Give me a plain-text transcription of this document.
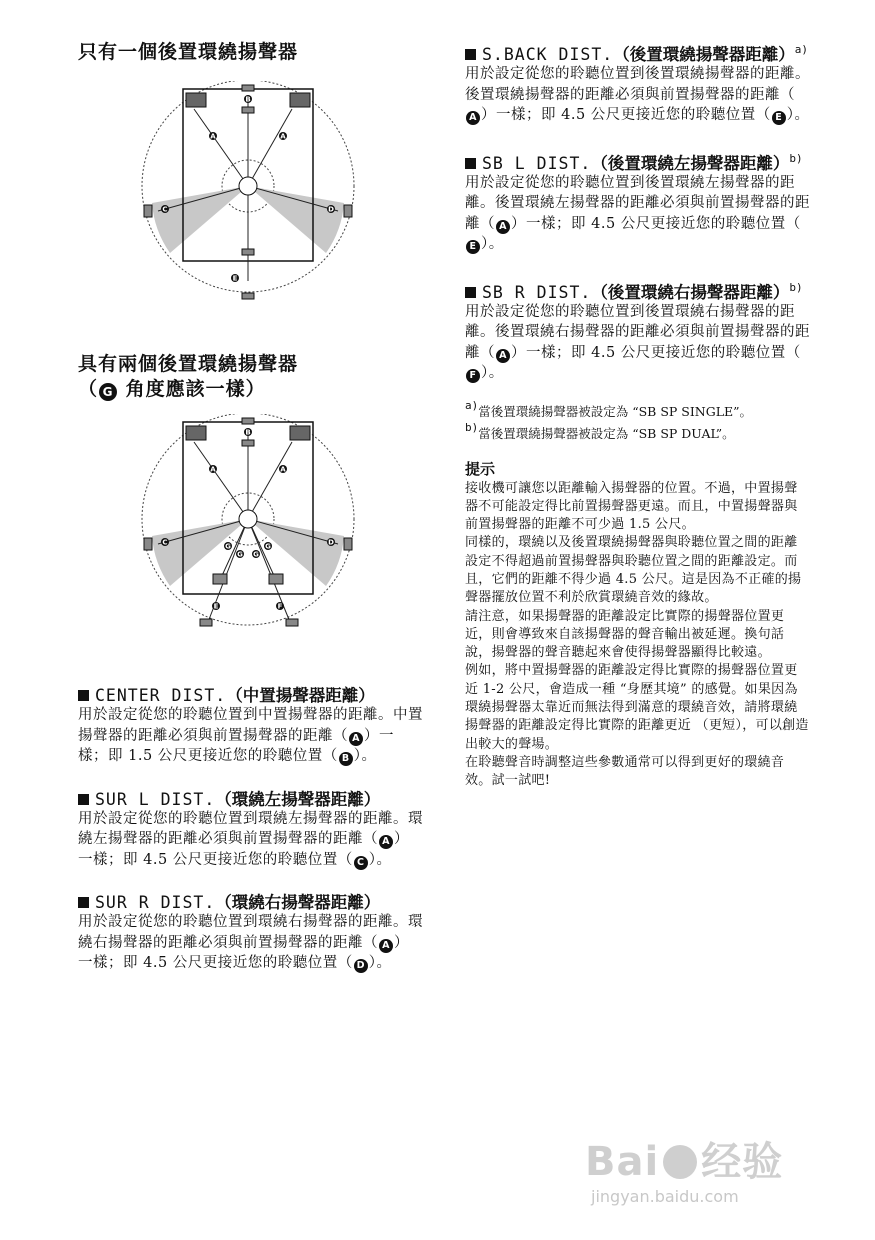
只有一個後置環繞揚聲器
B
A	A
C	D
E
具有兩個後置環繞揚聲器
（ G 角度應該一樣）
B
A	A
C	D
G	G
G G
E	F

CENTER DIST.（中置揚聲器距離）

用於設定從您的聆聽位置到中置揚聲器的距離。中置揚聲器的距離必須與前置揚聲器的距離（ A ）一樣；即 1.5 公尺更接近您的聆聽位置（ B ）。

SUR L DIST.（環繞左揚聲器距離）

用於設定從您的聆聽位置到環繞左揚聲器的距離。環繞左揚聲器的距離必須與前置揚聲器的距離（ A ）一樣；即 4.5 公尺更接近您的聆聽位置（ C ）。

SUR R DIST.（環繞右揚聲器距離）

用於設定從您的聆聽位置到環繞右揚聲器的距離。環繞右揚聲器的距離必須與前置揚聲器的距離（ A ）一樣；即 4.5 公尺更接近您的聆聽位置（ D ）。

S.BACK DIST.（後置環繞揚聲器距離）$^{a)}$

用於設定從您的聆聽位置到後置環繞揚聲器的距離。後置環繞揚聲器的距離必須與前置揚聲器的距離（A ）一樣；即 4.5 公尺更接近您的聆聽位置（ E ）。

SB L DIST.（後置環繞左揚聲器距離）$^{b)}$

用於設定從您的聆聽位置到後置環繞左揚聲器的距離。後置環繞左揚聲器的距離必須與前置揚聲器的距離（ A ）一樣；即 4.5 公尺更接近您的聆聽位置（E ）。

SB R DIST.（後置環繞右揚聲器距離）$^{b)}$

用於設定從您的聆聽位置到後置環繞右揚聲器的距離。後置環繞右揚聲器的距離必須與前置揚聲器的距離（ A ）一樣；即 4.5 公尺更接近您的聆聽位置（F ）。

a)當後置環繞揚聲器被設定為 “SB SP SINGLE”。

b)當後置環繞揚聲器被設定為 “SB SP DUAL”。

提示

接收機可讓您以距離輸入揚聲器的位置。不過，中置揚聲器不可能設定得比前置揚聲器更遠。而且，中置揚聲器與前置揚聲器的距離不可少過 1.5 公尺。

同樣的，環繞以及後置環繞揚聲器與聆聽位置之間的距離設定不得超過前置揚聲器與聆聽位置之間的距離設定。而且，它們的距離不得少過 4.5 公尺。這是因為不正確的揚聲器擺放位置不利於欣賞環繞音效的緣故。

請注意，如果揚聲器的距離設定比實際的揚聲器位置更近，則會導致來自該揚聲器的聲音輸出被延遲。換句話說，揚聲器的聲音聽起來會使得揚聲器顯得比較遠。

例如，將中置揚聲器的距離設定得比實際的揚聲器位置更近 1-2 公尺，會造成一種 “身歷其境” 的感覺。如果因為環繞揚聲器太靠近而無法得到滿意的環繞音效，請將環繞揚聲器的距離設定得比實際的距離更近 （更短），可以創造出較大的聲場。

在聆聽聲音時調整這些參數通常可以得到更好的環繞音效。試一試吧!

Bai 经验
jingyan.baidu.com
